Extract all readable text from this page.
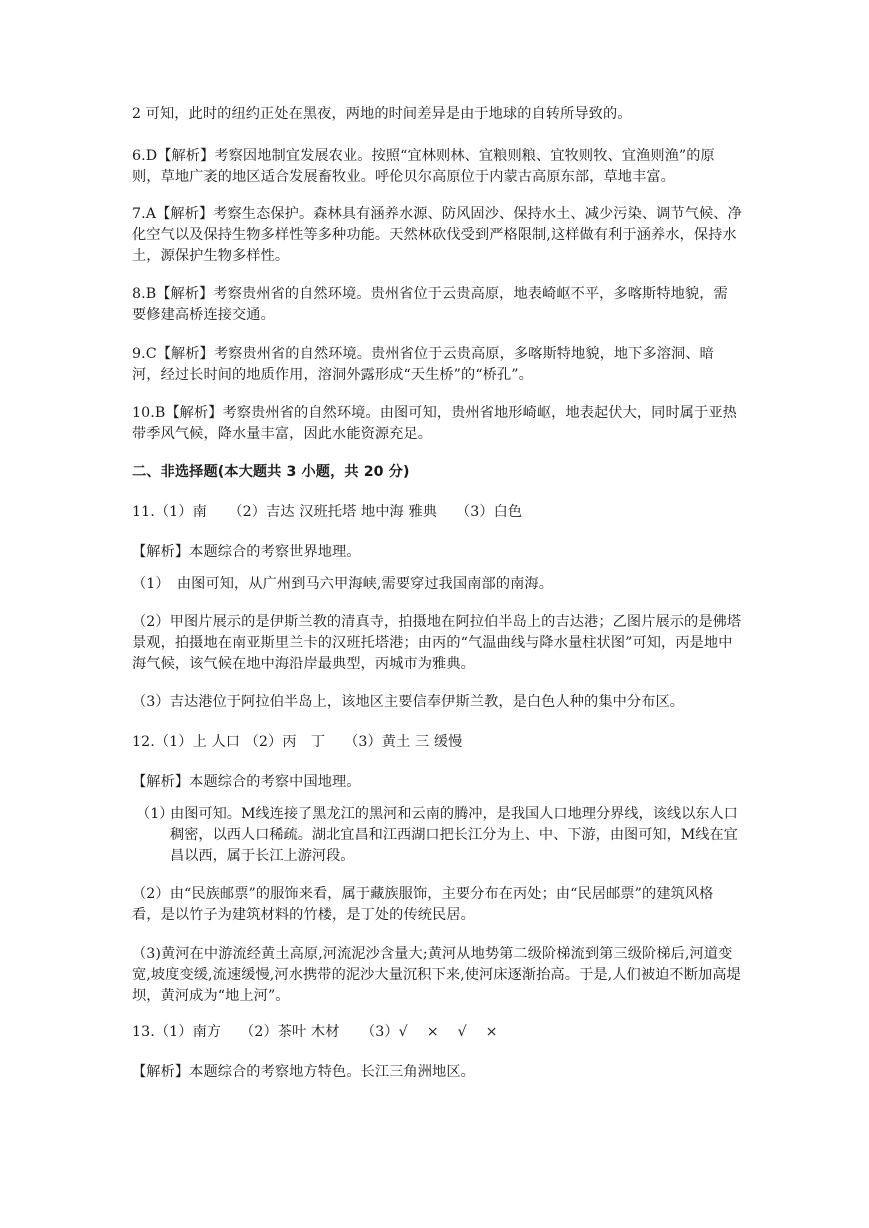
2 可知，此时的纽约正处在黑夜，两地的时间差异是由于地球的自转所导致的。

6.D【解析】考察因地制宜发展农业。按照“宜林则林、宜粮则粮、宜牧则牧、宜渔则渔”的原则，草地广袤的地区适合发展畜牧业。呼伦贝尔高原位于内蒙古高原东部，草地丰富。

7.A【解析】考察生态保护。森林具有涵养水源、防风固沙、保持水土、减少污染、调节气候、净化空气以及保持生物多样性等多种功能。天然林砍伐受到严格限制,这样做有利于涵养水，保持水土，源保护生物多样性。

8.B【解析】考察贵州省的自然环境。贵州省位于云贵高原，地表崎岖不平，多喀斯特地貌，需要修建高桥连接交通。

9.C【解析】考察贵州省的自然环境。贵州省位于云贵高原，多喀斯特地貌，地下多溶洞、暗河，经过长时间的地质作用，溶洞外露形成“天生桥”的“桥孔”。

10.B【解析】考察贵州省的自然环境。由图可知，贵州省地形崎岖，地表起伏大，同时属于亚热带季风气候，降水量丰富，因此水能资源充足。

二、非选择题(本大题共 3 小题，共 20 分)

11.（1）南　　（2）吉达 汉班托塔 地中海 雅典　 （3）白色

【解析】本题综合的考察世界地理。

（1）　由图可知，从广州到马六甲海峡,需要穿过我国南部的南海。

（2）甲图片展示的是伊斯兰教的清真寺，拍摄地在阿拉伯半岛上的吉达港；乙图片展示的是佛塔景观，拍摄地在南亚斯里兰卡的汉班托塔港；由丙的“气温曲线与降水量柱状图”可知，丙是地中海气候，该气候在地中海沿岸最典型，丙城市为雅典。

（3）吉达港位于阿拉伯半岛上，该地区主要信奉伊斯兰教，是白色人种的集中分布区。

12.（1）上 人口 （2）丙　丁　 （3）黄土 三 缓慢

【解析】本题综合的考察中国地理。

（1）
由图可知。M线连接了黑龙江的黑河和云南的腾冲，是我国人口地理分界线，该线以东人口稠密，以西人口稀疏。湖北宜昌和江西湖口把长江分为上、中、下游，由图可知，M线在宜昌以西，属于长江上游河段。

（2）由“民族邮票”的服饰来看，属于藏族服饰，主要分布在丙处；由“民居邮票”的建筑风格看，是以竹子为建筑材料的竹楼，是丁处的传统民居。

（3)黄河在中游流经黄土高原,河流泥沙含量大;黄河从地势第二级阶梯流到第三级阶梯后,河道变宽,坡度变缓,流速缓慢,河水携带的泥沙大量沉积下来,使河床逐渐抬高。于是,人们被迫不断加高堤坝，黄河成为“地上河”。

13.（1）南方　 （2）茶叶 木材　　（3）√　 ×　 √　 ×

【解析】本题综合的考察地方特色。长江三角洲地区。
